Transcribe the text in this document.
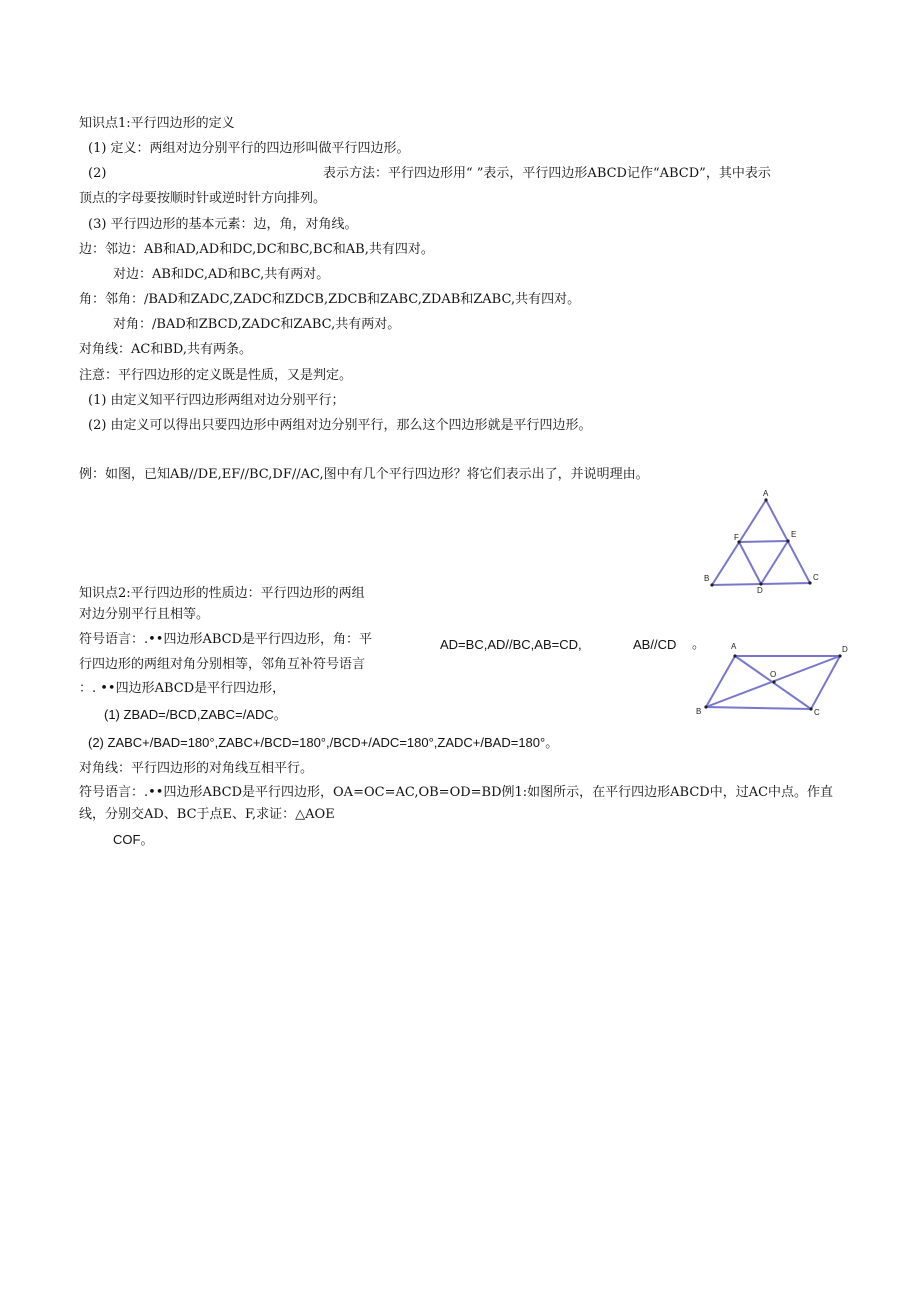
知识点1:平行四边形的定义
(1) 定义：两组对边分别平行的四边形叫做平行四边形。
(2)	表示方法：平行四边形用“ ”表示，平行四边形ABCD记作“ABCD”，其中表示
顶点的字母要按顺时针或逆时针方向排列。
(3) 平行四边形的基本元素：边，角，对角线。
边：邻边：AB和AD,AD和DC,DC和BC,BC和AB,共有四对。
对边：AB和DC,AD和BC,共有两对。
角：邻角：/BAD和ZADC,ZADC和ZDCB,ZDCB和ZABC,ZDAB和ZABC,共有四对。
对角：/BAD和ZBCD,ZADC和ZABC,共有两对。
对角线：AC和BD,共有两条。
注意：平行四边形的定义既是性质，又是判定。
(1) 由定义知平行四边形两组对边分别平行；
(2) 由定义可以得出只要四边形中两组对边分别平行，那么这个四边形就是平行四边形。
例：如图，已知AB//DE,EF//BC,DF//AC,图中有几个平行四边形？将它们表示出了，并说明理由。
知识点2:平行四边形的性质边：平行四边形的两组
对边分别平行且相等。
符号语言：.••四边形ABCD是平行四边形，角：平	AD=BC,AD//BC,AB=CD,	AB//CD 。
行四边形的两组对角分别相等，邻角互补符号语言
：. ••四边形ABCD是平行四边形，
(1) ZBAD=/BCD,ZABC=/ADC。
(2) ZABC+/BAD=180°,ZABC+/BCD=180°,/BCD+/ADC=180°,ZADC+/BAD=180°。
对角线：平行四边形的对角线互相平行。
符号语言：.••四边形ABCD是平行四边形，OA=OC=AC,OB=OD=BD例1:如图所示，在平行四边形ABCD中，过AC中点。作直
线，分别交AD、BC于点E、F,求证：△AOE
COF。
A
F	E
B
D
C
A	D
O
B	C
